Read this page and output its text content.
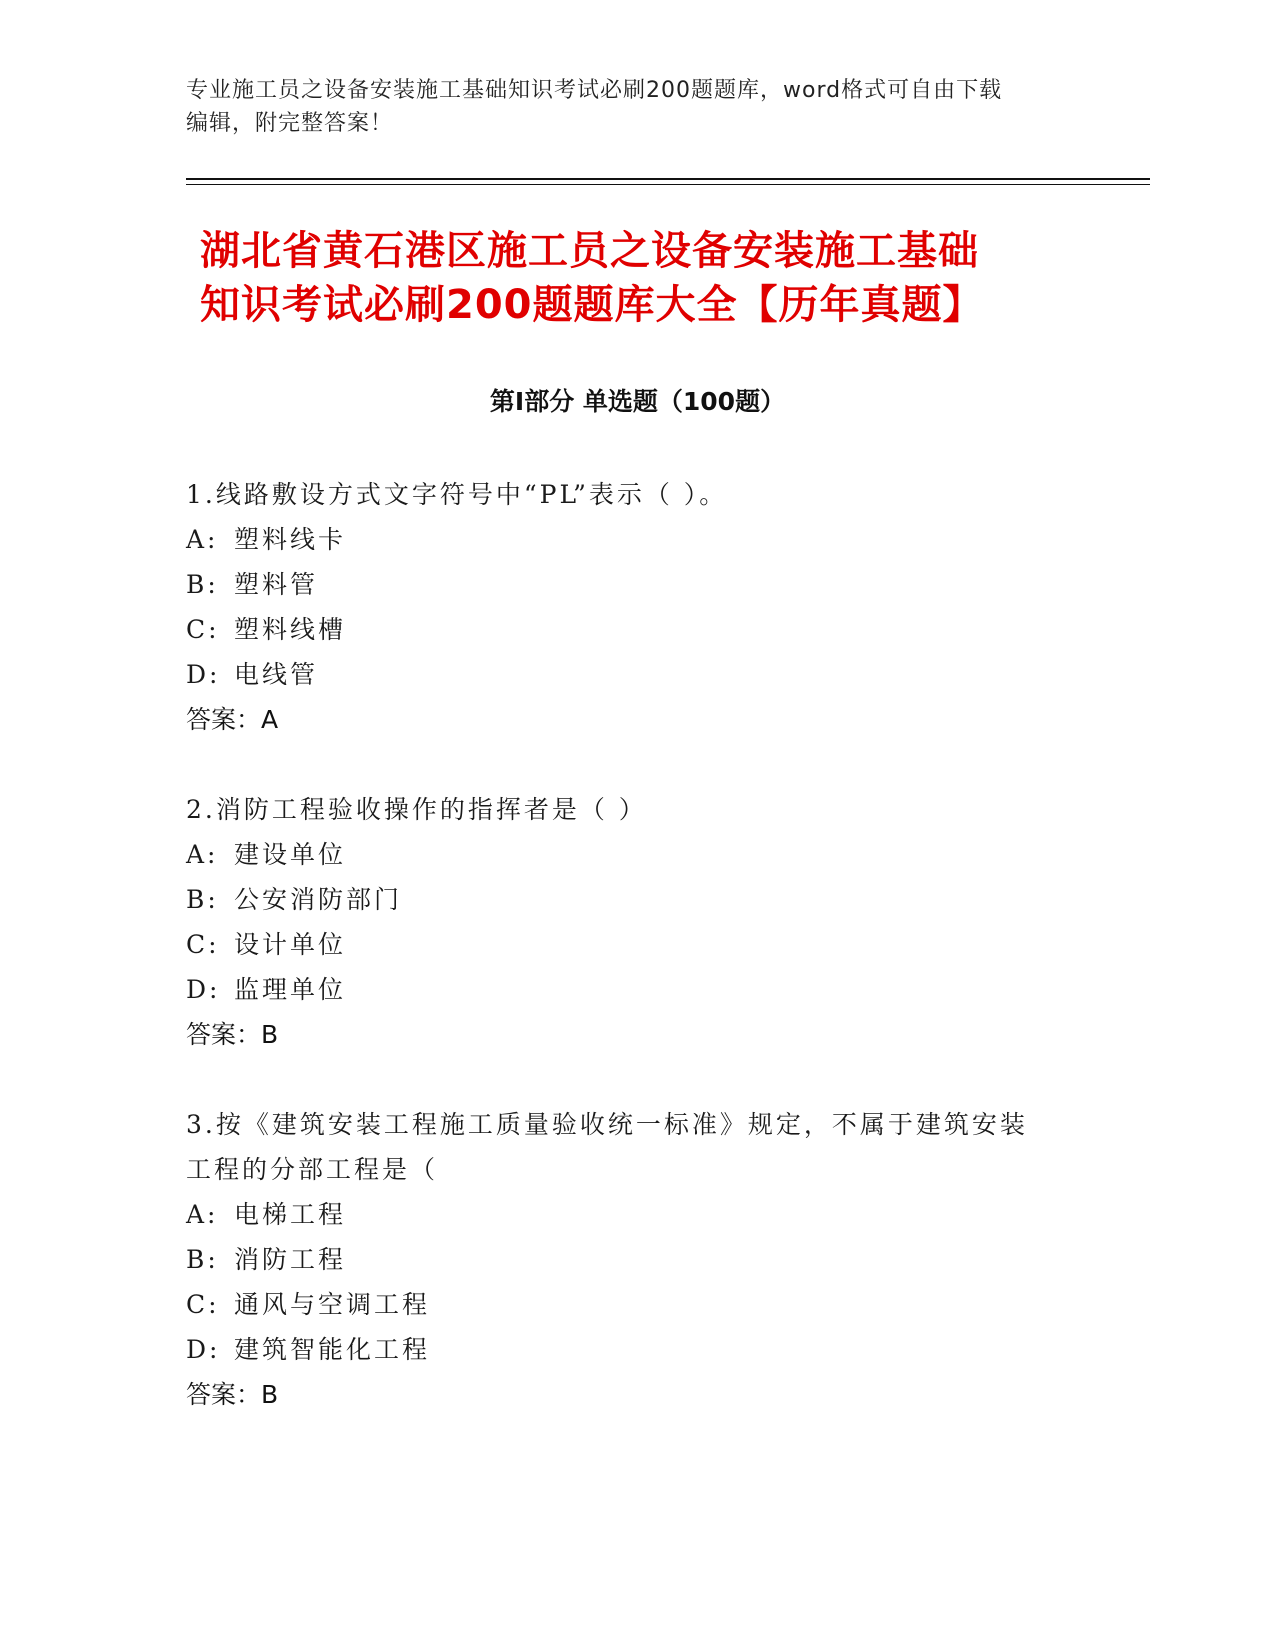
专业施工员之设备安装施工基础知识考试必刷200题题库，word格式可自由下载
编辑，附完整答案！
湖北省黄石港区施工员之设备安装施工基础
知识考试必刷200题题库大全【历年真题】
第Ⅰ部分 单选题（100题）
1.线路敷设方式文字符号中“PL”表示（ ）。
A: 塑料线卡
B: 塑料管
C: 塑料线槽
D: 电线管
答案：A
2.消防工程验收操作的指挥者是（ ）
A: 建设单位
B: 公安消防部门
C: 设计单位
D: 监理单位
答案：B
3.按《建筑安装工程施工质量验收统一标准》规定，不属于建筑安装
工程的分部工程是（
A: 电梯工程
B: 消防工程
C: 通风与空调工程
D: 建筑智能化工程
答案：B
